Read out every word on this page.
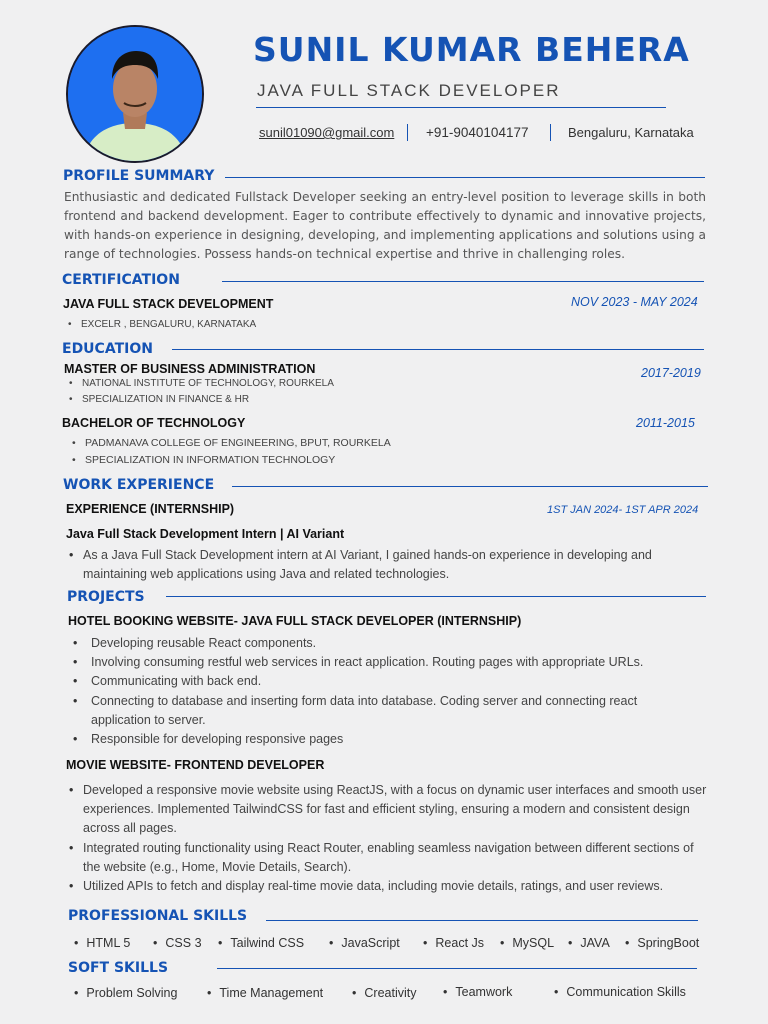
SUNIL KUMAR BEHERA
JAVA FULL STACK DEVELOPER
sunil01090@gmail.com +91-9040104177	Bengaluru, Karnataka
PROFILE SUMMARY
Enthusiastic and dedicated Fullstack Developer seeking an entry-level position to leverage skills in both frontend and backend development. Eager to contribute effectively to dynamic and innovative projects, with hands-on experience in designing, developing, and implementing applications and solutions using a range of technologies. Possess hands-on technical expertise and thrive in challenging roles.
CERTIFICATION
JAVA FULL STACK DEVELOPMENT	NOV 2023 - MAY 2024
• EXCELR , BENGALURU, KARNATAKA
EDUCATION
MASTER OF BUSINESS ADMINISTRATION	2017-2019
• NATIONAL INSTITUTE OF TECHNOLOGY, ROURKELA
• SPECIALIZATION IN FINANCE & HR
BACHELOR OF TECHNOLOGY	2011-2015
• PADMANAVA COLLEGE OF ENGINEERING, BPUT, ROURKELA
• SPECIALIZATION IN INFORMATION TECHNOLOGY
WORK EXPERIENCE
EXPERIENCE (INTERNSHIP)	1ST JAN 2024- 1ST APR 2024
Java Full Stack Development Intern | AI Variant
• As a Java Full Stack Development intern at AI Variant, I gained hands-on experience in developing and maintaining web applications using Java and related technologies.
PROJECTS
HOTEL BOOKING WEBSITE- JAVA FULL STACK DEVELOPER (INTERNSHIP)
• Developing reusable React components.
• Involving consuming restful web services in react application. Routing pages with appropriate URLs.
• Communicating with back end.
• Connecting to database and inserting form data into database. Coding server and connecting react application to server.
• Responsible for developing responsive pages
MOVIE WEBSITE- FRONTEND DEVELOPER
• Developed a responsive movie website using ReactJS, with a focus on dynamic user interfaces and smooth user experiences. Implemented TailwindCSS for fast and efficient styling, ensuring a modern and consistent design across all pages.
• Integrated routing functionality using React Router, enabling seamless navigation between different sections of the website (e.g., Home, Movie Details, Search).
• Utilized APIs to fetch and display real-time movie data, including movie details, ratings, and user reviews.
PROFESSIONAL SKILLS
• HTML 5	• CSS 3	• Tailwind CSS	• JavaScript	• React Js	• MySQL	• JAVA	• SpringBoot
SOFT SKILLS
• Problem Solving	• Time Management	• Creativity	• Teamwork	• Communication Skills
